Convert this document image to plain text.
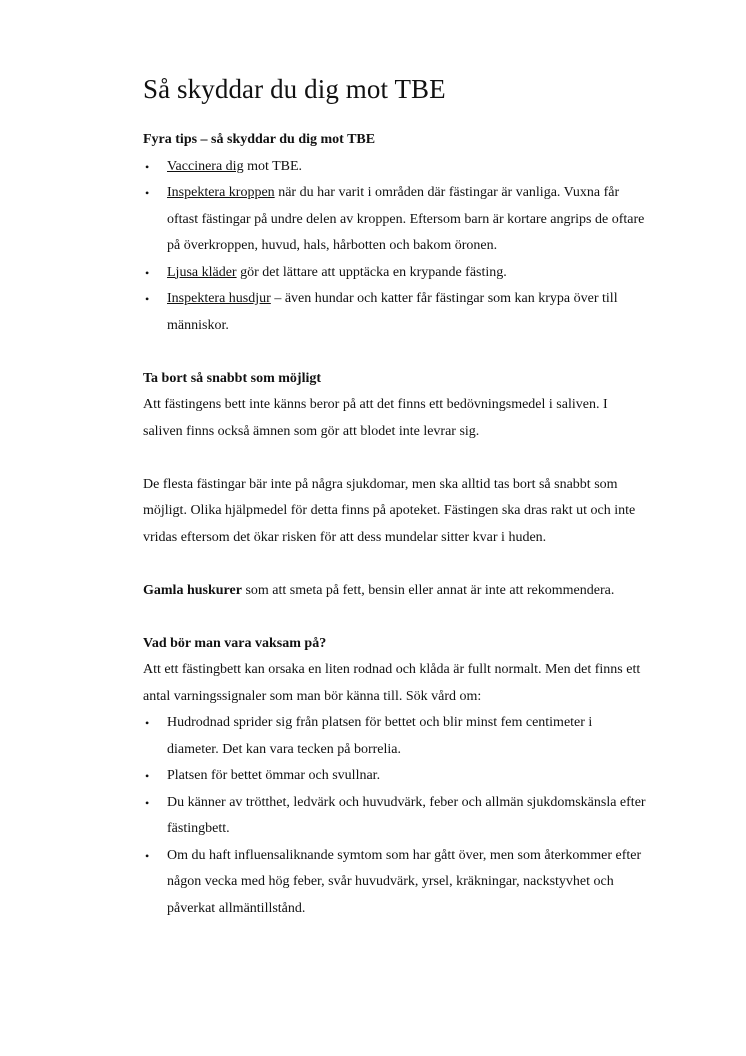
Så skyddar du dig mot TBE

Fyra tips – så skyddar du dig mot TBE

• Vaccinera dig mot TBE.
• Inspektera kroppen när du har varit i områden där fästingar är vanliga. Vuxna får oftast fästingar på undre delen av kroppen. Eftersom barn är kortare angrips de oftare på överkroppen, huvud, hals, hårbotten och bakom öronen.
• Ljusa kläder gör det lättare att upptäcka en krypande fästing.
• Inspektera husdjur – även hundar och katter får fästingar som kan krypa över till människor.

Ta bort så snabbt som möjligt

Att fästingens bett inte känns beror på att det finns ett bedövningsmedel i saliven. I saliven finns också ämnen som gör att blodet inte levrar sig.

De flesta fästingar bär inte på några sjukdomar, men ska alltid tas bort så snabbt som möjligt. Olika hjälpmedel för detta finns på apoteket. Fästingen ska dras rakt ut och inte vridas eftersom det ökar risken för att dess mundelar sitter kvar i huden.

Gamla huskurer som att smeta på fett, bensin eller annat är inte att rekommendera.

Vad bör man vara vaksam på?

Att ett fästingbett kan orsaka en liten rodnad och klåda är fullt normalt. Men det finns ett antal varningssignaler som man bör känna till. Sök vård om:

• Hudrodnad sprider sig från platsen för bettet och blir minst fem centimeter i diameter. Det kan vara tecken på borrelia.
• Platsen för bettet ömmar och svullnar.
• Du känner av trötthet, ledvärk och huvudvärk, feber och allmän sjukdomskänsla efter fästingbett.
• Om du haft influensaliknande symtom som har gått över, men som återkommer efter någon vecka med hög feber, svår huvudvärk, yrsel, kräkningar, nackstyvhet och påverkat allmäntillstånd.
